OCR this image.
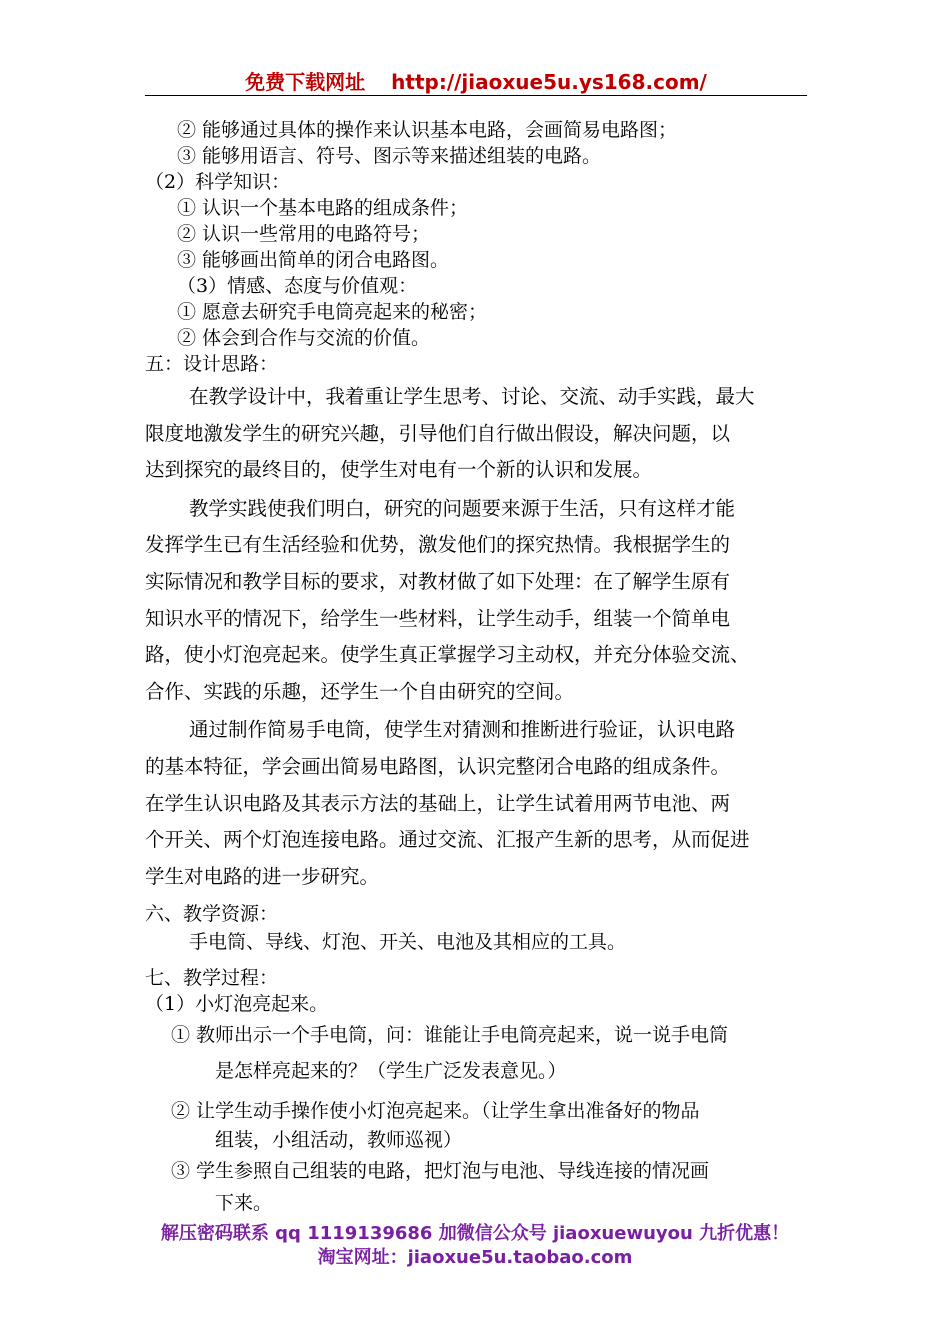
免费下载网址 http://jiaoxue5u.ys168.com/
② 能够通过具体的操作来认识基本电路，会画简易电路图；
③ 能够用语言、符号、图示等来描述组装的电路。
（2）科学知识：
① 认识一个基本电路的组成条件；
② 认识一些常用的电路符号；
③ 能够画出简单的闭合电路图。
（3）情感、态度与价值观：
① 愿意去研究手电筒亮起来的秘密；
② 体会到合作与交流的价值。
五：设计思路：
在教学设计中，我着重让学生思考、讨论、交流、动手实践，最大
限度地激发学生的研究兴趣，引导他们自行做出假设，解决问题，以
达到探究的最终目的，使学生对电有一个新的认识和发展。
教学实践使我们明白，研究的问题要来源于生活，只有这样才能
发挥学生已有生活经验和优势，激发他们的探究热情。我根据学生的
实际情况和教学目标的要求，对教材做了如下处理：在了解学生原有
知识水平的情况下，给学生一些材料，让学生动手，组装一个简单电
路，使小灯泡亮起来。使学生真正掌握学习主动权，并充分体验交流、
合作、实践的乐趣，还学生一个自由研究的空间。
通过制作简易手电筒，使学生对猜测和推断进行验证，认识电路
的基本特征，学会画出简易电路图，认识完整闭合电路的组成条件。
在学生认识电路及其表示方法的基础上，让学生试着用两节电池、两
个开关、两个灯泡连接电路。通过交流、汇报产生新的思考，从而促进
学生对电路的进一步研究。
六、教学资源：
手电筒、导线、灯泡、开关、电池及其相应的工具。
七、教学过程：
（1）小灯泡亮起来。
① 教师出示一个手电筒，问：谁能让手电筒亮起来，说一说手电筒
是怎样亮起来的？（学生广泛发表意见。）
② 让学生动手操作使小灯泡亮起来。（让学生拿出准备好的物品
组装，小组活动，教师巡视）
③ 学生参照自己组装的电路，把灯泡与电池、导线连接的情况画
下来。
解压密码联系 qq 1119139686 加微信公众号 jiaoxuewuyou 九折优惠！
淘宝网址：jiaoxue5u.taobao.com
